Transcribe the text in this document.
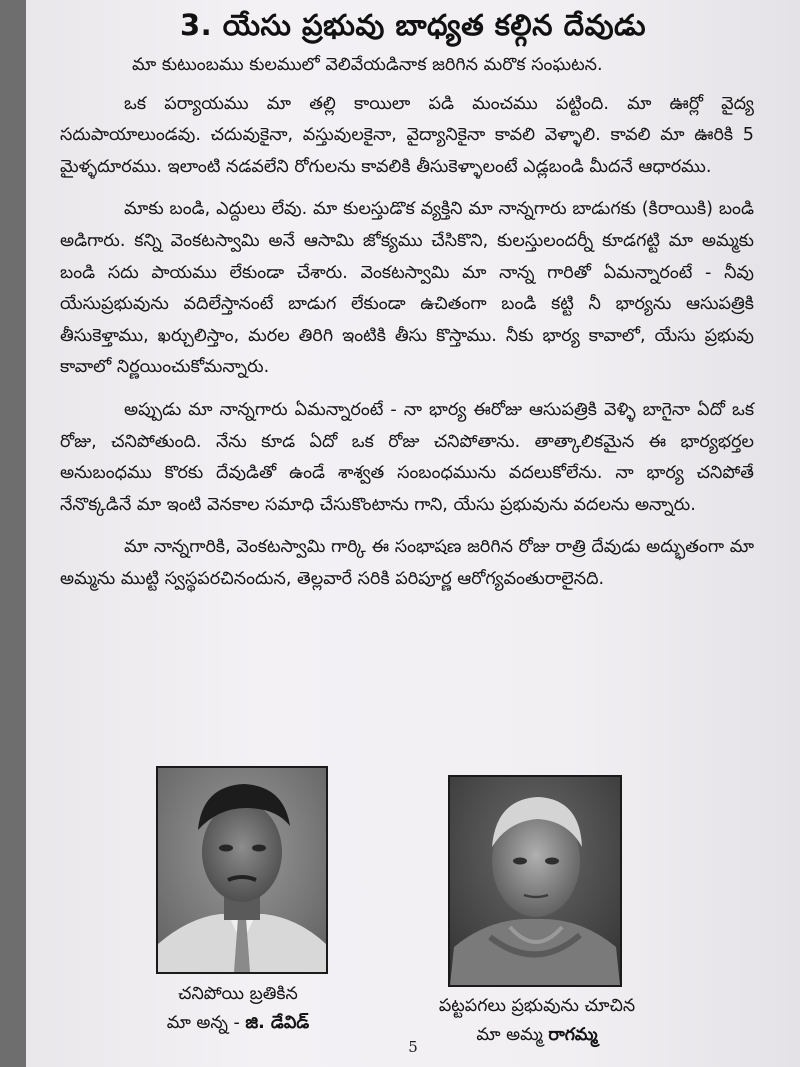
3. యేసు ప్రభువు బాధ్యత కల్గిన దేవుడు

మా కుటుంబము కులములో వెలివేయడినాక జరిగిన మరొక సంఘటన.

ఒక పర్యాయము మా తల్లి కాయిలా పడి మంచము పట్టింది. మా ఊర్లో వైద్య సదుపాయాలుండవు. చదువుకైనా, వస్తువులకైనా, వైద్యానికైనా కావలి వెళ్ళాలి. కావలి మా ఊరికి 5 మైళ్ళదూరము. ఇలాంటి నడవలేని రోగులను కావలికి తీసుకెళ్ళాలంటే ఎడ్లబండి మీదనే ఆధారము.

మాకు బండి, ఎద్దులు లేవు. మా కులస్తుడొక వ్యక్తిని మా నాన్నగారు బాడుగకు (కిరాయికి) బండి అడిగారు. కన్ని వెంకటస్వామి అనే ఆసామి జోక్యము చేసికొని, కులస్తులందర్నీ కూడగట్టి మా అమ్మకు బండి సదు పాయము లేకుండా చేశారు. వెంకటస్వామి మా నాన్న గారితో ఏమన్నారంటే - నీవు యేసుప్రభువును వదిలేస్తానంటే బాడుగ లేకుండా ఉచితంగా బండి కట్టి నీ భార్యను ఆసుపత్రికి తీసుకెళ్తాము, ఖర్చులిస్తాం, మరల తిరిగి ఇంటికి తీసు కొస్తాము. నీకు భార్య కావాలో, యేసు ప్రభువు కావాలో నిర్ణయించుకోమన్నారు.

అప్పుడు మా నాన్నగారు ఏమన్నారంటే - నా భార్య ఈరోజు ఆసుపత్రికి వెళ్ళి బాగైనా ఏదో ఒక రోజు, చనిపోతుంది. నేను కూడ ఏదో ఒక రోజు చనిపోతాను. తాత్కాలికమైన ఈ భార్యభర్తల అనుబంధము కొరకు దేవుడితో ఉండే శాశ్వత సంబంధమును వదలుకోలేను. నా భార్య చనిపోతే నేనొక్కడినే మా ఇంటి వెనకాల సమాధి చేసుకొంటాను గాని, యేసు ప్రభువును వదలను అన్నారు.

మా నాన్నగారికి, వెంకటస్వామి గార్కి ఈ సంభాషణ జరిగిన రోజు రాత్రి దేవుడు అద్భుతంగా మా అమ్మను ముట్టి స్వస్థపరచినందున, తెల్లవారే సరికి పరిపూర్ణ ఆరోగ్యవంతురాలైనది.

చనిపోయి బ్రతికిన
మా అన్న - జి. డేవిడ్
పట్టపగలు ప్రభువును చూచిన
మా అమ్మ రాగమ్మ
5
